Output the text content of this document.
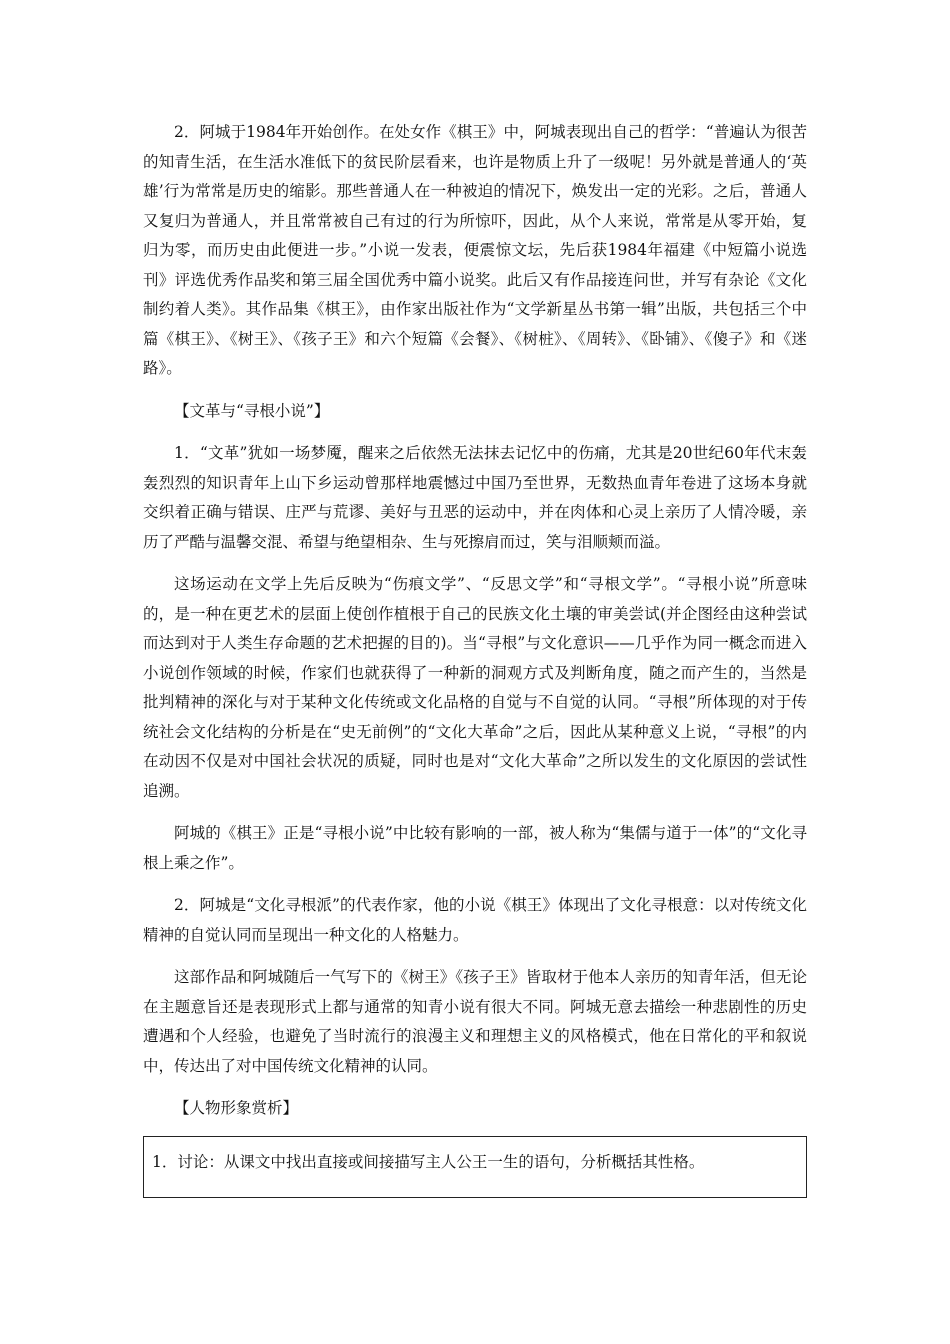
2．阿城于1984年开始创作。在处女作《棋王》中，阿城表现出自己的哲学：“普遍认为很苦的知青生活，在生活水准低下的贫民阶层看来，也许是物质上升了一级呢！另外就是普通人的‘英雄’行为常常是历史的缩影。那些普通人在一种被迫的情况下，焕发出一定的光彩。之后，普通人又复归为普通人，并且常常被自己有过的行为所惊吓，因此，从个人来说，常常是从零开始，复归为零，而历史由此便进一步。”小说一发表，便震惊文坛，先后获1984年福建《中短篇小说选刊》评选优秀作品奖和第三届全国优秀中篇小说奖。此后又有作品接连问世，并写有杂论《文化制约着人类》。其作品集《棋王》，由作家出版社作为“文学新星丛书第一辑”出版，共包括三个中篇《棋王》、《树王》、《孩子王》和六个短篇《会餐》、《树桩》、《周转》、《卧铺》、《傻子》和《迷路》。

【文革与“寻根小说”】

1．“文革”犹如一场梦魇，醒来之后依然无法抹去记忆中的伤痛，尤其是20世纪60年代末轰轰烈烈的知识青年上山下乡运动曾那样地震憾过中国乃至世界，无数热血青年卷进了这场本身就交织着正确与错误、庄严与荒谬、美好与丑恶的运动中，并在肉体和心灵上亲历了人情冷暖，亲历了严酷与温馨交混、希望与绝望相杂、生与死擦肩而过，笑与泪顺颊而溢。

这场运动在文学上先后反映为“伤痕文学”、“反思文学”和“寻根文学”。“寻根小说”所意味的，是一种在更艺术的层面上使创作植根于自己的民族文化土壤的审美尝试(并企图经由这种尝试而达到对于人类生存命题的艺术把握的目的)。当“寻根”与文化意识——几乎作为同一概念而进入小说创作领域的时候，作家们也就获得了一种新的洞观方式及判断角度，随之而产生的，当然是批判精神的深化与对于某种文化传统或文化品格的自觉与不自觉的认同。“寻根”所体现的对于传统社会文化结构的分析是在“史无前例”的“文化大革命”之后，因此从某种意义上说，“寻根”的内在动因不仅是对中国社会状况的质疑，同时也是对“文化大革命”之所以发生的文化原因的尝试性追溯。

阿城的《棋王》正是“寻根小说”中比较有影响的一部，被人称为“集儒与道于一体”的“文化寻根上乘之作”。

2．阿城是“文化寻根派”的代表作家，他的小说《棋王》体现出了文化寻根意：以对传统文化精神的自觉认同而呈现出一种文化的人格魅力。

这部作品和阿城随后一气写下的《树王》《孩子王》皆取材于他本人亲历的知青年活，但无论在主题意旨还是表现形式上都与通常的知青小说有很大不同。阿城无意去描绘一种悲剧性的历史遭遇和个人经验，也避免了当时流行的浪漫主义和理想主义的风格模式，他在日常化的平和叙说中，传达出了对中国传统文化精神的认同。

【人物形象赏析】

1．讨论：从课文中找出直接或间接描写主人公王一生的语句，分析概括其性格。
